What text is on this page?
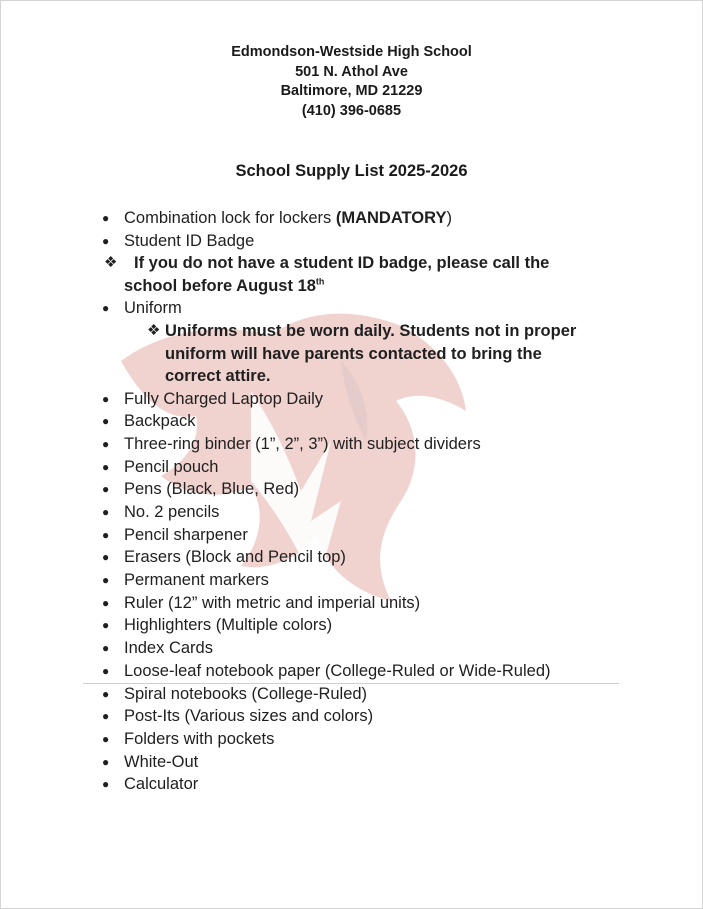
Edmondson-Westside High School
501 N. Athol Ave
Baltimore, MD 21229
(410) 396-0685
School Supply List 2025-2026
● Combination lock for lockers (MANDATORY)
● Student ID Badge
❖ If you do not have a student ID badge, please call the
school before August 18th
● Uniform
❖ Uniforms must be worn daily. Students not in proper
uniform will have parents contacted to bring the
correct attire.
● Fully Charged Laptop Daily
● Backpack
● Three-ring binder (1”, 2”, 3”) with subject dividers
● Pencil pouch
● Pens (Black, Blue, Red)
● No. 2 pencils
● Pencil sharpener
● Erasers (Block and Pencil top)
● Permanent markers
● Ruler (12” with metric and imperial units)
● Highlighters (Multiple colors)
● Index Cards
● Loose-leaf notebook paper (College-Ruled or Wide-Ruled)
● Spiral notebooks (College-Ruled)
● Post-Its (Various sizes and colors)
● Folders with pockets
● White-Out
● Calculator
